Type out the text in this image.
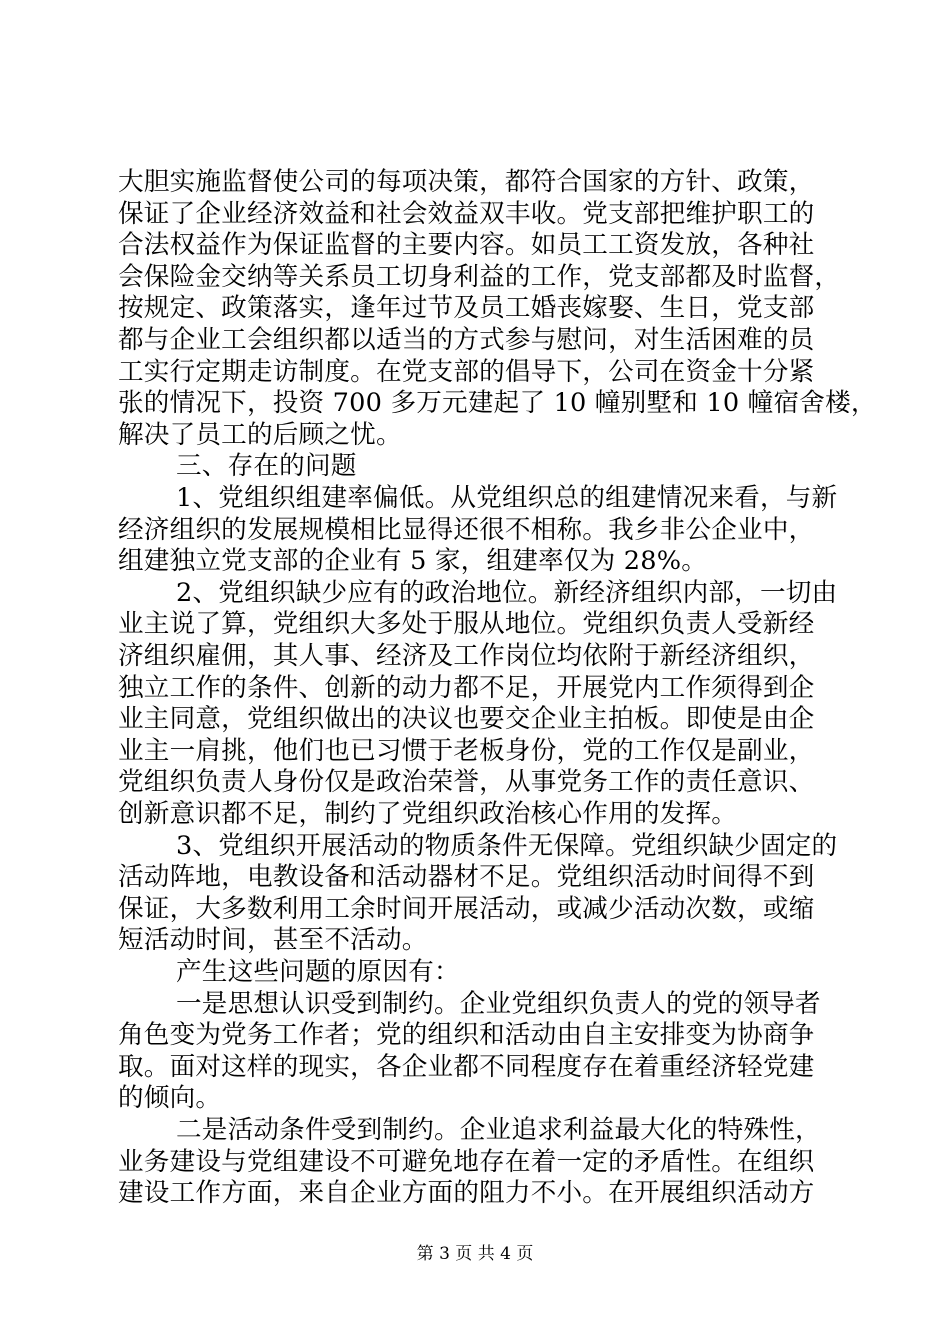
大胆实施监督使公司的每项决策，都符合国家的方针、政策，
保证了企业经济效益和社会效益双丰收。党支部把维护职工的
合法权益作为保证监督的主要内容。如员工工资发放，各种社
会保险金交纳等关系员工切身利益的工作，党支部都及时监督，
按规定、政策落实，逢年过节及员工婚丧嫁娶、生日，党支部
都与企业工会组织都以适当的方式参与慰问，对生活困难的员
工实行定期走访制度。在党支部的倡导下，公司在资金十分紧
张的情况下，投资 700 多万元建起了 10 幢别墅和 10 幢宿舍楼，
解决了员工的后顾之忧。
三、存在的问题
1、党组织组建率偏低。从党组织总的组建情况来看，与新
经济组织的发展规模相比显得还很不相称。我乡非公企业中，
组建独立党支部的企业有 5 家，组建率仅为 28%。
2、党组织缺少应有的政治地位。新经济组织内部，一切由
业主说了算，党组织大多处于服从地位。党组织负责人受新经
济组织雇佣，其人事、经济及工作岗位均依附于新经济组织，
独立工作的条件、创新的动力都不足，开展党内工作须得到企
业主同意，党组织做出的决议也要交企业主拍板。即使是由企
业主一肩挑，他们也已习惯于老板身份，党的工作仅是副业，
党组织负责人身份仅是政治荣誉，从事党务工作的责任意识、
创新意识都不足，制约了党组织政治核心作用的发挥。
3、党组织开展活动的物质条件无保障。党组织缺少固定的
活动阵地，电教设备和活动器材不足。党组织活动时间得不到
保证，大多数利用工余时间开展活动，或减少活动次数，或缩
短活动时间，甚至不活动。
产生这些问题的原因有：
一是思想认识受到制约。企业党组织负责人的党的领导者
角色变为党务工作者；党的组织和活动由自主安排变为协商争
取。面对这样的现实，各企业都不同程度存在着重经济轻党建
的倾向。
二是活动条件受到制约。企业追求利益最大化的特殊性，
业务建设与党组建设不可避免地存在着一定的矛盾性。在组织
建设工作方面，来自企业方面的阻力不小。在开展组织活动方
第 3 页 共 4 页
